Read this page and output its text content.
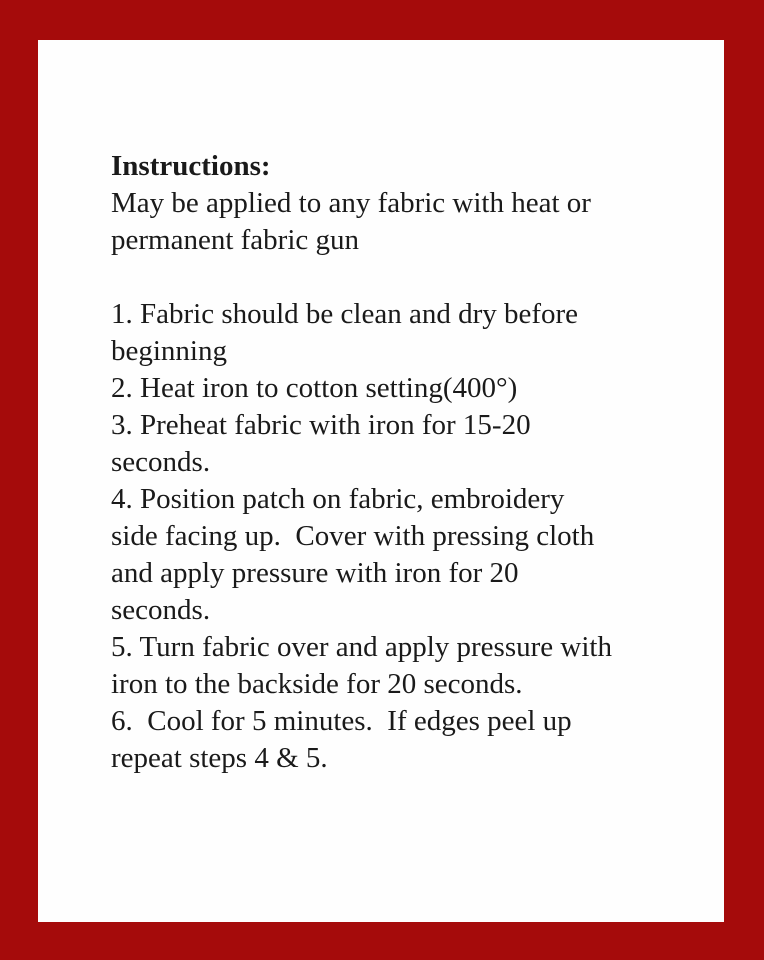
Instructions:

May be applied to any fabric with heat or
permanent fabric gun

1. Fabric should be clean and dry before
beginning
2. Heat iron to cotton setting(400°)
3. Preheat fabric with iron for 15-20
seconds.
4. Position patch on fabric, embroidery
side facing up.  Cover with pressing cloth
and apply pressure with iron for 20
seconds.
5. Turn fabric over and apply pressure with
iron to the backside for 20 seconds.
6.  Cool for 5 minutes.  If edges peel up
repeat steps 4 & 5.
